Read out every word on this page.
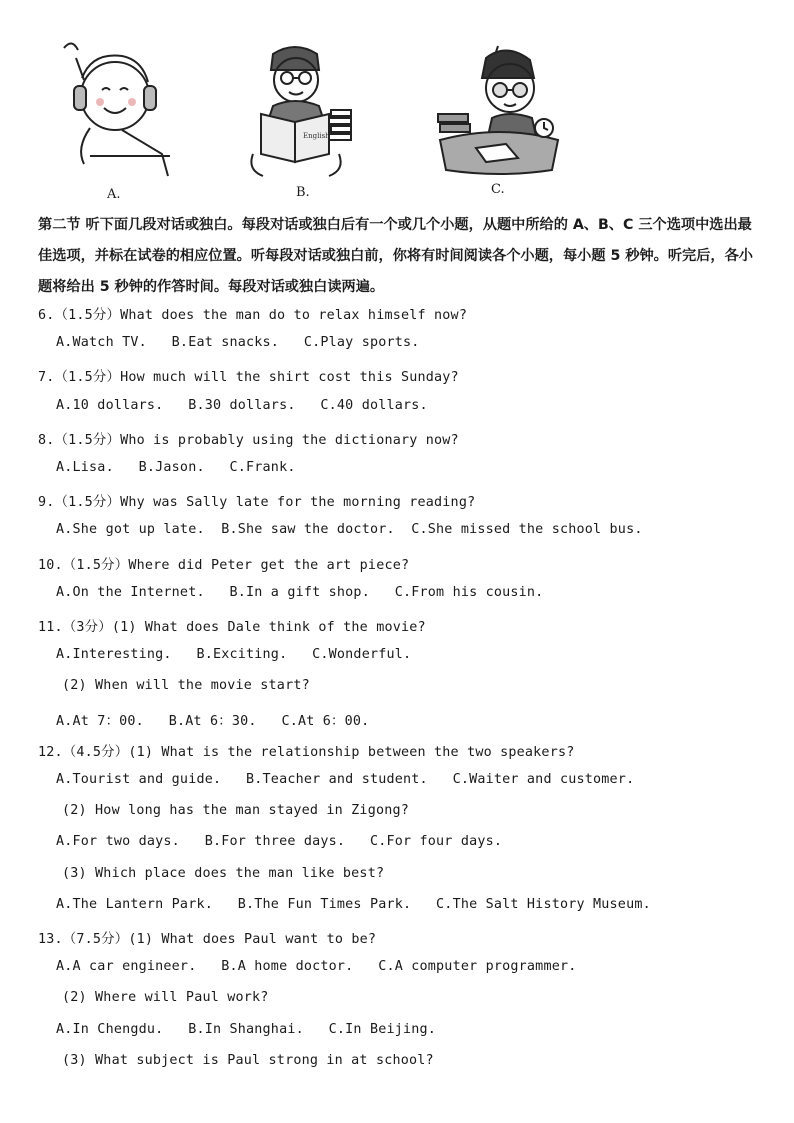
A.
English
B.	C.

第二节 听下面几段对话或独白。每段对话或独白后有一个或几个小题，从题中所给的 A、B、C 三个选项中选出最佳选项，并标在试卷的相应位置。听每段对话或独白前，你将有时间阅读各个小题，每小题 5 秒钟。听完后，各小题将给出 5 秒钟的作答时间。每段对话或独白读两遍。

6.（1.5分）What does the man do to relax himself now?
A.Watch TV.   B.Eat snacks.   C.Play sports.
7.（1.5分）How much will the shirt cost this Sunday?
A.10 dollars.   B.30 dollars.   C.40 dollars.
8.（1.5分）Who is probably using the dictionary now?
A.Lisa.   B.Jason.   C.Frank.
9.（1.5分）Why was Sally late for the morning reading?
A.She got up late.  B.She saw the doctor.  C.She missed the school bus.
10.（1.5分）Where did Peter get the art piece?
A.On the Internet.   B.In a gift shop.   C.From his cousin.
11.（3分）(1) What does Dale think of the movie?
A.Interesting.   B.Exciting.   C.Wonderful.
(2) When will the movie start?
A.At 7：00.   B.At 6：30.   C.At 6：00.
12.（4.5分）(1) What is the relationship between the two speakers?
A.Tourist and guide.   B.Teacher and student.   C.Waiter and customer.
(2) How long has the man stayed in Zigong?
A.For two days.   B.For three days.   C.For four days.
(3) Which place does the man like best?
A.The Lantern Park.   B.The Fun Times Park.   C.The Salt History Museum.
13.（7.5分）(1) What does Paul want to be?
A.A car engineer.   B.A home doctor.   C.A computer programmer.
(2) Where will Paul work?
A.In Chengdu.   B.In Shanghai.   C.In Beijing.
(3) What subject is Paul strong in at school?
